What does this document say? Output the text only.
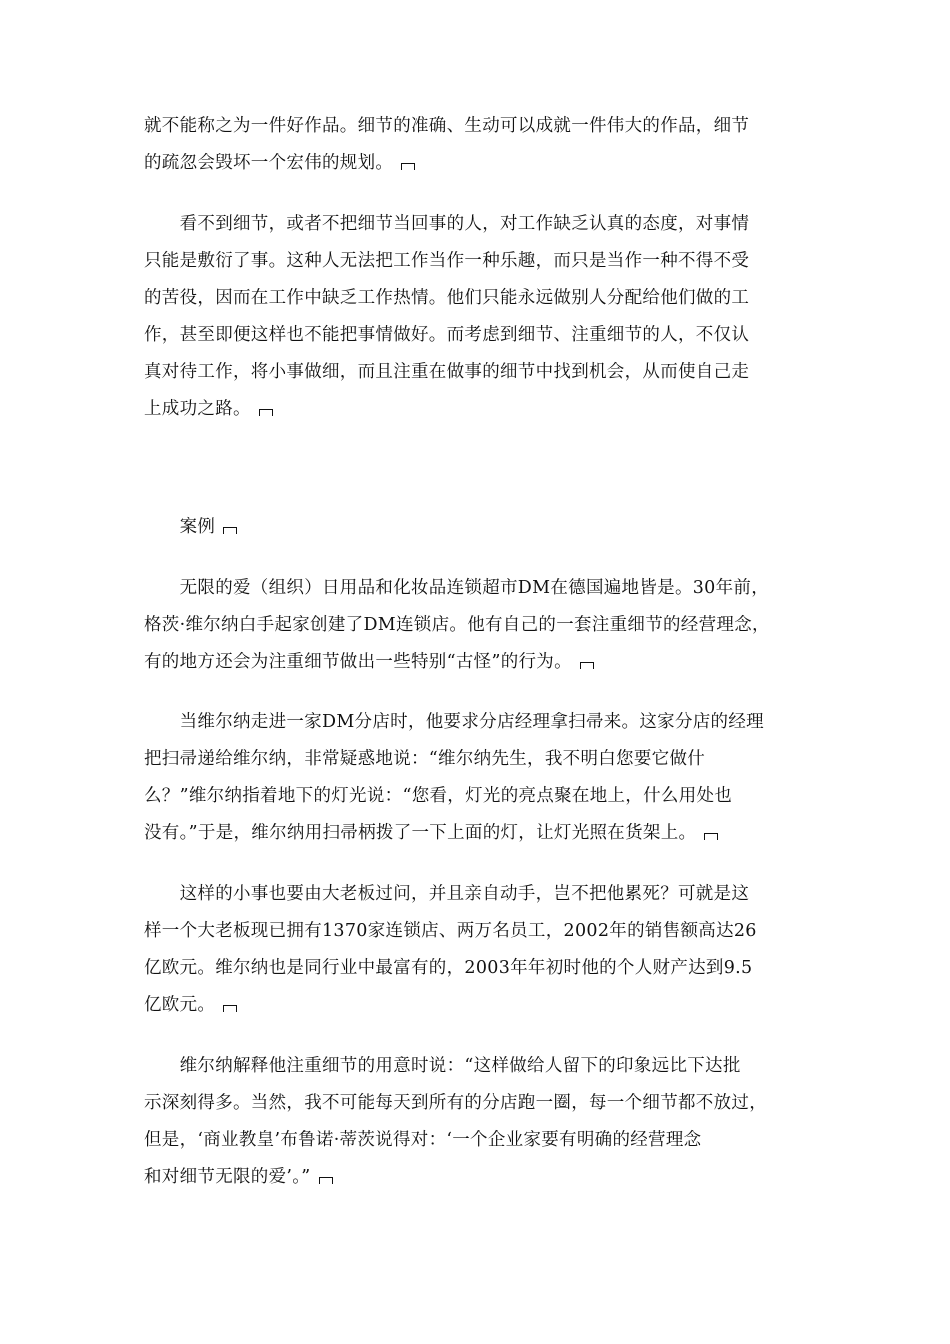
就不能称之为一件好作品。细节的准确、生动可以成就一件伟大的作品，细节
的疏忽会毁坏一个宏伟的规划。

　　看不到细节，或者不把细节当回事的人，对工作缺乏认真的态度，对事情
只能是敷衍了事。这种人无法把工作当作一种乐趣，而只是当作一种不得不受
的苦役，因而在工作中缺乏工作热情。他们只能永远做别人分配给他们做的工
作，甚至即便这样也不能把事情做好。而考虑到细节、注重细节的人，不仅认
真对待工作，将小事做细，而且注重在做事的细节中找到机会，从而使自己走
上成功之路。

　　案例

　　无限的爱（组织）日用品和化妆品连锁超市DM在德国遍地皆是。30年前，
格茨·维尔纳白手起家创建了DM连锁店。他有自己的一套注重细节的经营理念，
有的地方还会为注重细节做出一些特别“古怪”的行为。

　　当维尔纳走进一家DM分店时，他要求分店经理拿扫帚来。这家分店的经理
把扫帚递给维尔纳，非常疑惑地说：“维尔纳先生，我不明白您要它做什
么？”维尔纳指着地下的灯光说：“您看，灯光的亮点聚在地上，什么用处也
没有。”于是，维尔纳用扫帚柄拨了一下上面的灯，让灯光照在货架上。

　　这样的小事也要由大老板过问，并且亲自动手，岂不把他累死？可就是这
样一个大老板现已拥有1370家连锁店、两万名员工，2002年的销售额高达26
亿欧元。维尔纳也是同行业中最富有的，2003年年初时他的个人财产达到9.5
亿欧元。

　　维尔纳解释他注重细节的用意时说：“这样做给人留下的印象远比下达批
示深刻得多。当然，我不可能每天到所有的分店跑一圈，每一个细节都不放过，
但是，‘商业教皇’布鲁诺·蒂茨说得对：‘一个企业家要有明确的经营理念
和对细节无限的爱’。”
